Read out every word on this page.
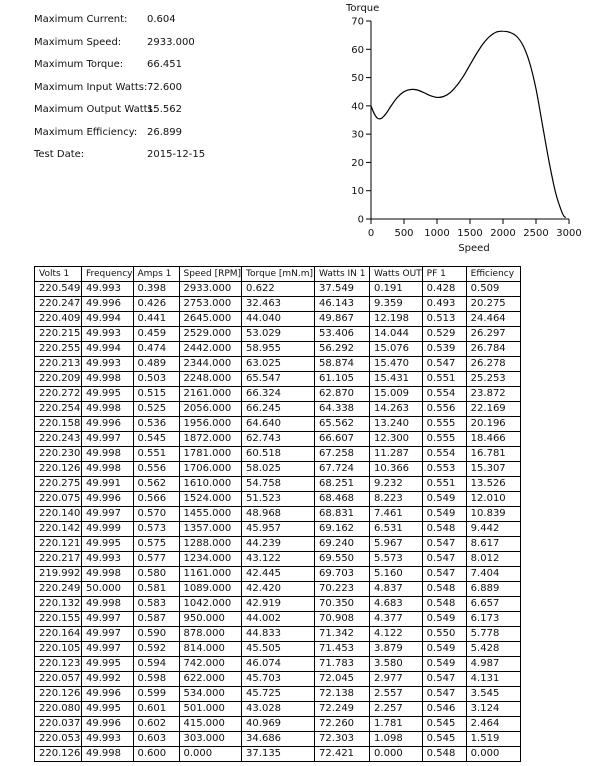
Maximum Current: 0.604
Maximum Speed:	2933.000
Maximum Torque: 66.451
Maximum Input Watts: 72.600
Maximum Output Watts:
15.562
Maximum Efficiency: 26.899
Test Date:	2015-12-15
0
10
20
30
40
50
60
70
0 500 1000 1500 2000 2500 3000
Torque
Speed
Volts 1	Frequency	Amps 1	Speed [RPM]	Torque [mN.m]	Watts IN 1	Watts OUT	PF 1	Efficiency
220.549	49.993	0.398	2933.000	0.622	37.549	0.191	0.428	0.509
220.247	49.996	0.426	2753.000	32.463	46.143	9.359	0.493	20.275
220.409	49.994	0.441	2645.000	44.040	49.867	12.198	0.513	24.464
220.215	49.993	0.459	2529.000	53.029	53.406	14.044	0.529	26.297
220.255	49.994	0.474	2442.000	58.955	56.292	15.076	0.539	26.784
220.213	49.993	0.489	2344.000	63.025	58.874	15.470	0.547	26.278
220.209	49.998	0.503	2248.000	65.547	61.105	15.431	0.551	25.253
220.272	49.995	0.515	2161.000	66.324	62.870	15.009	0.554	23.872
220.254	49.998	0.525	2056.000	66.245	64.338	14.263	0.556	22.169
220.158	49.996	0.536	1956.000	64.640	65.562	13.240	0.555	20.196
220.243	49.997	0.545	1872.000	62.743	66.607	12.300	0.555	18.466
220.230	49.998	0.551	1781.000	60.518	67.258	11.287	0.554	16.781
220.126	49.998	0.556	1706.000	58.025	67.724	10.366	0.553	15.307
220.275	49.991	0.562	1610.000	54.758	68.251	9.232	0.551	13.526
220.075	49.996	0.566	1524.000	51.523	68.468	8.223	0.549	12.010
220.140	49.997	0.570	1455.000	48.968	68.831	7.461	0.549	10.839
220.142	49.999	0.573	1357.000	45.957	69.162	6.531	0.548	9.442
220.121	49.995	0.575	1288.000	44.239	69.240	5.967	0.547	8.617
220.217	49.993	0.577	1234.000	43.122	69.550	5.573	0.547	8.012
219.992	49.998	0.580	1161.000	42.445	69.703	5.160	0.547	7.404
220.249	50.000	0.581	1089.000	42.420	70.223	4.837	0.548	6.889
220.132	49.998	0.583	1042.000	42.919	70.350	4.683	0.548	6.657
220.155	49.997	0.587	950.000	44.002	70.908	4.377	0.549	6.173
220.164	49.997	0.590	878.000	44.833	71.342	4.122	0.550	5.778
220.105	49.997	0.592	814.000	45.505	71.453	3.879	0.549	5.428
220.123	49.995	0.594	742.000	46.074	71.783	3.580	0.549	4.987
220.057	49.992	0.598	622.000	45.703	72.045	2.977	0.547	4.131
220.126	49.996	0.599	534.000	45.725	72.138	2.557	0.547	3.545
220.080	49.995	0.601	501.000	43.028	72.249	2.257	0.546	3.124
220.037	49.996	0.602	415.000	40.969	72.260	1.781	0.545	2.464
220.053	49.993	0.603	303.000	34.686	72.303	1.098	0.545	1.519
220.126	49.998	0.600	0.000	37.135	72.421	0.000	0.548	0.000
